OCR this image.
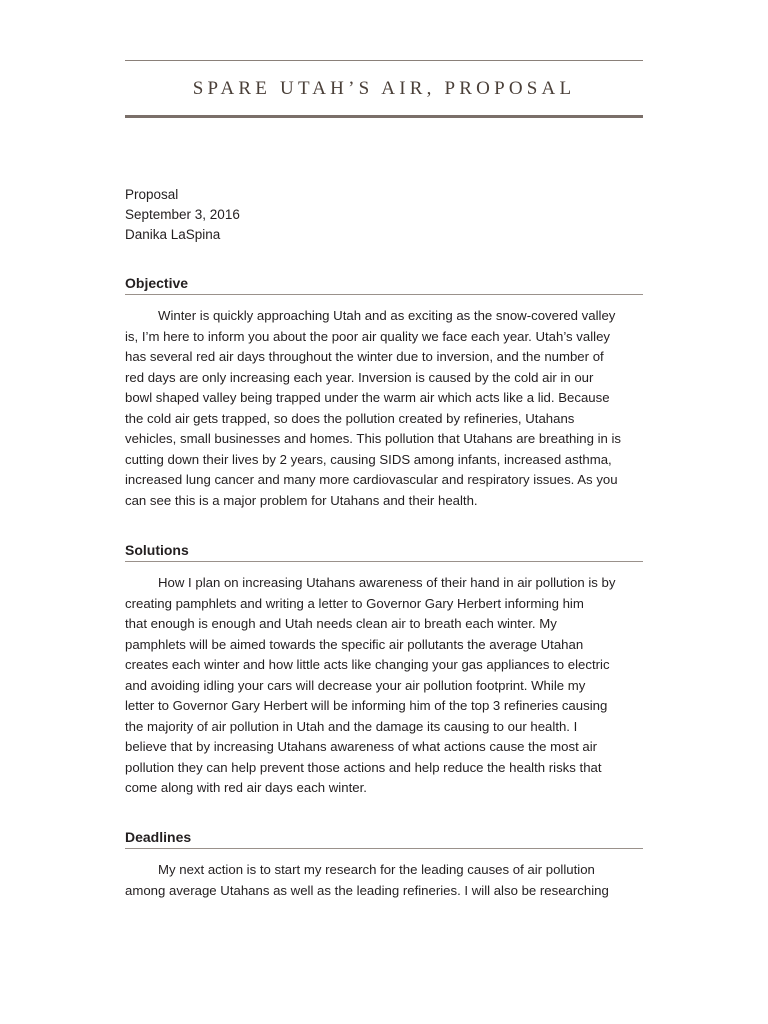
SPARE UTAH’S AIR, PROPOSAL
Proposal
September 3, 2016
Danika LaSpina
Objective
Winter is quickly approaching Utah and as exciting as the snow-covered valley
is, I’m here to inform you about the poor air quality we face each year. Utah’s valley
has several red air days throughout the winter due to inversion, and the number of
red days are only increasing each year. Inversion is caused by the cold air in our
bowl shaped valley being trapped under the warm air which acts like a lid. Because
the cold air gets trapped, so does the pollution created by refineries, Utahans
vehicles, small businesses and homes. This pollution that Utahans are breathing in is
cutting down their lives by 2 years, causing SIDS among infants, increased asthma,
increased lung cancer and many more cardiovascular and respiratory issues. As you
can see this is a major problem for Utahans and their health.
Solutions
How I plan on increasing Utahans awareness of their hand in air pollution is by
creating pamphlets and writing a letter to Governor Gary Herbert informing him
that enough is enough and Utah needs clean air to breath each winter. My
pamphlets will be aimed towards the specific air pollutants the average Utahan
creates each winter and how little acts like changing your gas appliances to electric
and avoiding idling your cars will decrease your air pollution footprint. While my
letter to Governor Gary Herbert will be informing him of the top 3 refineries causing
the majority of air pollution in Utah and the damage its causing to our health. I
believe that by increasing Utahans awareness of what actions cause the most air
pollution they can help prevent those actions and help reduce the health risks that
come along with red air days each winter.
Deadlines
My next action is to start my research for the leading causes of air pollution
among average Utahans as well as the leading refineries. I will also be researching
